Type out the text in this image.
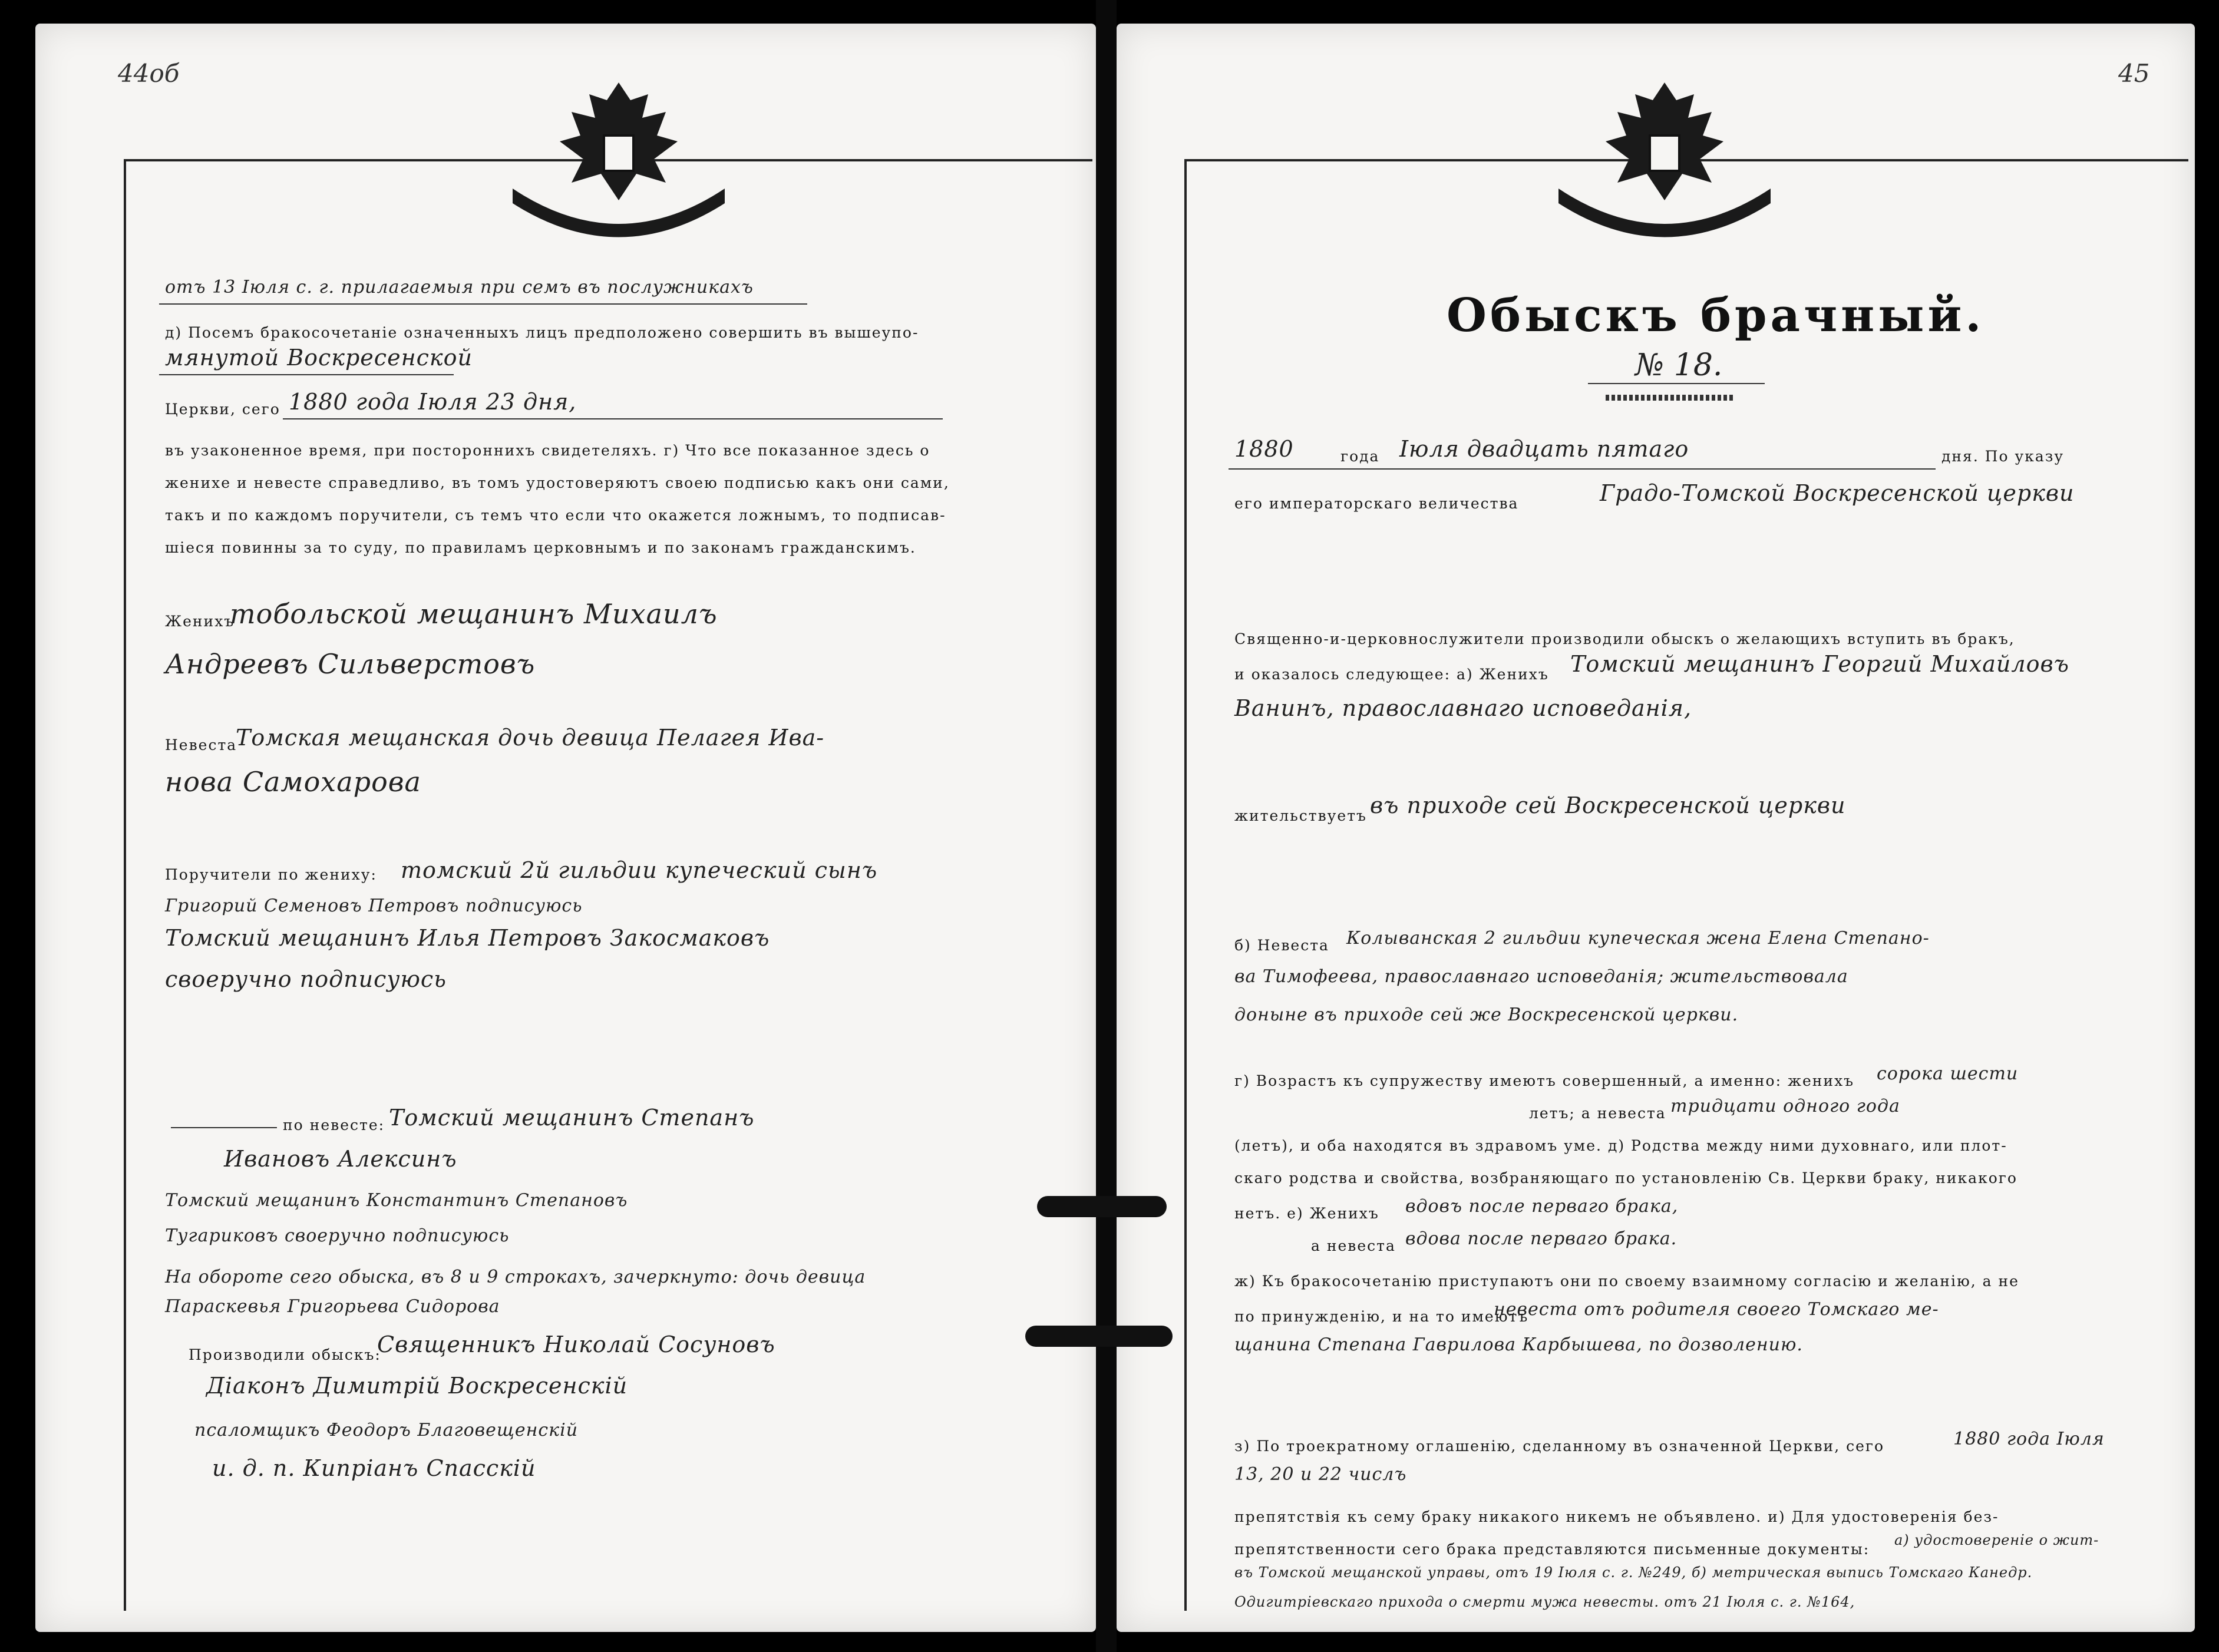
44об
отъ 13 Iюля с. г. прилагаемыя при семъ въ послужникахъ
д) Посемъ бракосочетанiе означенныхъ лицъ предположено совершить въ вышеупо-
мянутой Воскресенской
Церкви, сего 1880 года Iюля 23 дня,
въ узаконенное время, при постороннихъ свидетеляхъ. г) Что все показанное здесь о
женихе и невесте справедливо, въ томъ удостоверяютъ своею подписью какъ они сами,
такъ и по каждомъ поручители, съ темъ что если что окажется ложнымъ, то подписав-
шiеся повинны за то суду, по правиламъ церковнымъ и по законамъ гражданскимъ.
Женихъ
тобольской мещанинъ Михаилъ
Андреевъ Сильверстовъ
Невеста
Томская мещанская дочь девица Пелагея Ива-
нова Самохарова
Поручители по жениху: томский 2й гильдии купеческий сынъ
Григорий Семеновъ Петровъ подписуюсь
Томский мещанинъ Илья Петровъ Закосмаковъ
своеручно подписуюсь
по невесте: Томский мещанинъ Степанъ
Ивановъ Алексинъ
Томский мещанинъ Константинъ Степановъ
Тугариковъ своеручно подписуюсь
На обороте сего обыска, въ 8 и 9 строкахъ, зачеркнуто: дочь девица
Параскевья Григорьева Сидорова
Производили обыскъ:
Священникъ Николай Сосуновъ
Дiаконъ Димитрiй Воскресенскiй
псаломщикъ Феодоръ Благовещенскiй
и. д. п. Кипрiанъ Спасскiй
45
Обыскъ брачный.
№ 18.
1880	года Iюля двадцать пятаго	дня. По указу
его императорскаго величества	Градо-Томской Воскресенской церкви
Священно-и-церковнослужители производили обыскъ о желающихъ вступить въ бракъ,
и оказалось следующее: а) Женихъ Томский мещанинъ Георгий Михайловъ
Ванинъ, православнаго исповеданiя,
жительствуетъ въ приходе сей Воскресенской церкви
б) Невеста Колыванская 2 гильдии купеческая жена Елена Степано-
ва Тимофеева, православнаго исповеданiя; жительствовала
доныне въ приходе сей же Воскресенской церкви.
г) Возрастъ къ супружеству имеютъ совершенный, а именно: женихъ сорока шести
летъ; а невеста тридцати одного года
(летъ), и оба находятся въ здравомъ уме. д) Родства между ними духовнаго, или плот-
скаго родства и свойства, возбраняющаго по установленiю Св. Церкви браку, никакого
нетъ. е) Женихъ вдовъ после перваго брака,
а невеста вдова после перваго брака.
ж) Къ бракосочетанiю приступаютъ они по своему взаимному согласiю и желанiю, а не
по принужденiю, и на то имеютъ
невеста отъ родителя своего Томскаго ме-
щанина Степана Гаврилова Карбышева, по дозволению.
з) По троекратному оглашенiю, сделанному въ означенной Церкви, сего	1880 года Iюля
13, 20 и 22 числъ
препятствiя къ сему браку никакого никемъ не объявлено. и) Для удостоверенiя без-
препятственности сего брака представляются письменные документы:
а) удостоверенiе о жит-
въ Томской мещанской управы, отъ 19 Iюля с. г. №249, б) метрическая выпись Томскаго Канедр.
Одигитрiевскаго прихода о смерти мужа невесты. отъ 21 Iюля с. г. №164,
